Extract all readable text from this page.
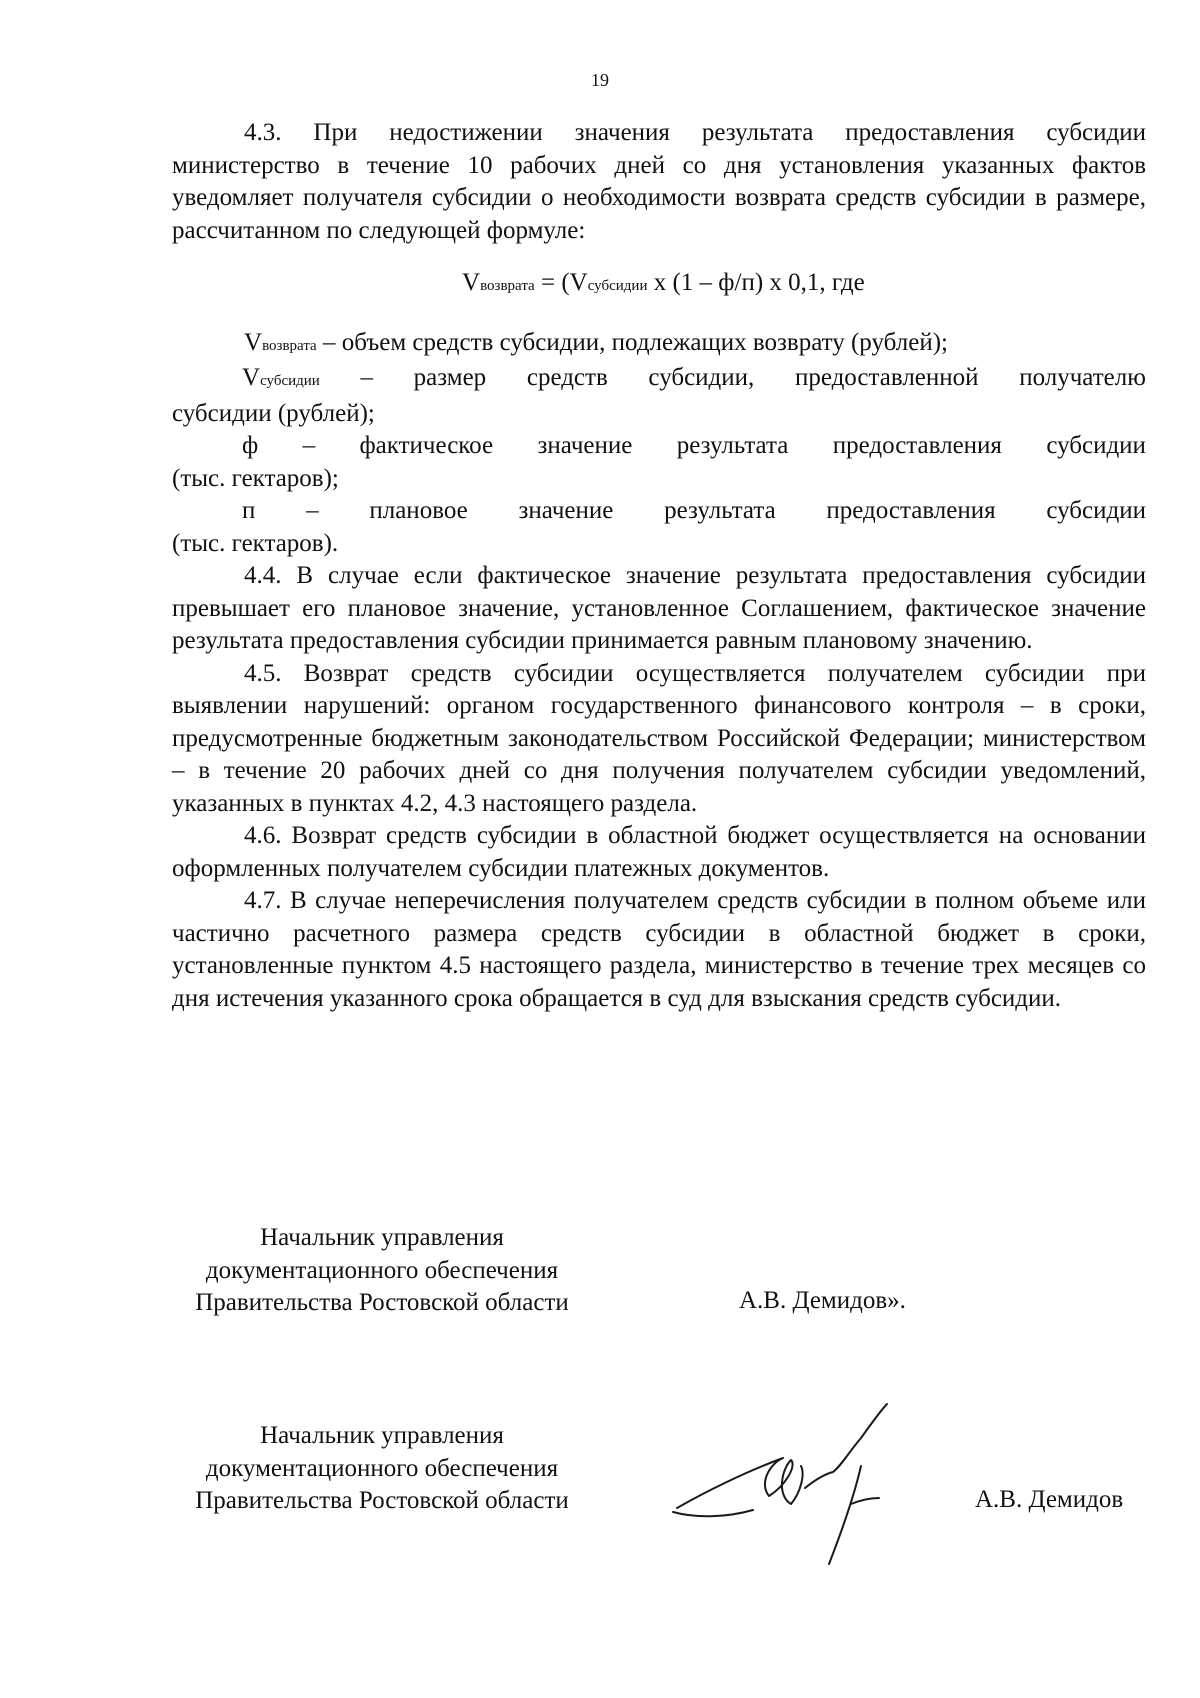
19

4.3. При недостижении значения результата предоставления субсидии министерство в течение 10 рабочих дней со дня установления указанных фактов уведомляет получателя субсидии о необходимости возврата средств субсидии в размере, рассчитанном по следующей формуле:

Vвозврата = (Vсубсидии х (1 – ф/п) х 0,1, где

Vвозврата – объем средств субсидии, подлежащих возврату (рублей);

Vсубсидии – размер средств субсидии, предоставленной получателю

субсидии (рублей);

ф – фактическое значение результата предоставления субсидии

(тыс. гектаров);

п – плановое значение результата предоставления субсидии

(тыс. гектаров).

4.4. В случае если фактическое значение результата предоставления субсидии превышает его плановое значение, установленное Соглашением, фактическое значение результата предоставления субсидии принимается равным плановому значению.

4.5. Возврат средств субсидии осуществляется получателем субсидии при выявлении нарушений: органом государственного финансового контроля – в сроки, предусмотренные бюджетным законодательством Российской Федерации; министерством – в течение 20 рабочих дней со дня получения получателем субсидии уведомлений, указанных в пунктах 4.2, 4.3 настоящего раздела.

4.6. Возврат средств субсидии в областной бюджет осуществляется на основании оформленных получателем субсидии платежных документов.

4.7. В случае неперечисления получателем средств субсидии в полном объеме или частично расчетного размера средств субсидии в областной бюджет в сроки, установленные пунктом 4.5 настоящего раздела, министерство в течение трех месяцев со дня истечения указанного срока обращается в суд для взыскания средств субсидии.

Начальник управления
документационного обеспечения
Правительства Ростовской области	А.В. Демидов».
Начальник управления
документационного обеспечения
Правительства Ростовской области	А.В. Демидов
